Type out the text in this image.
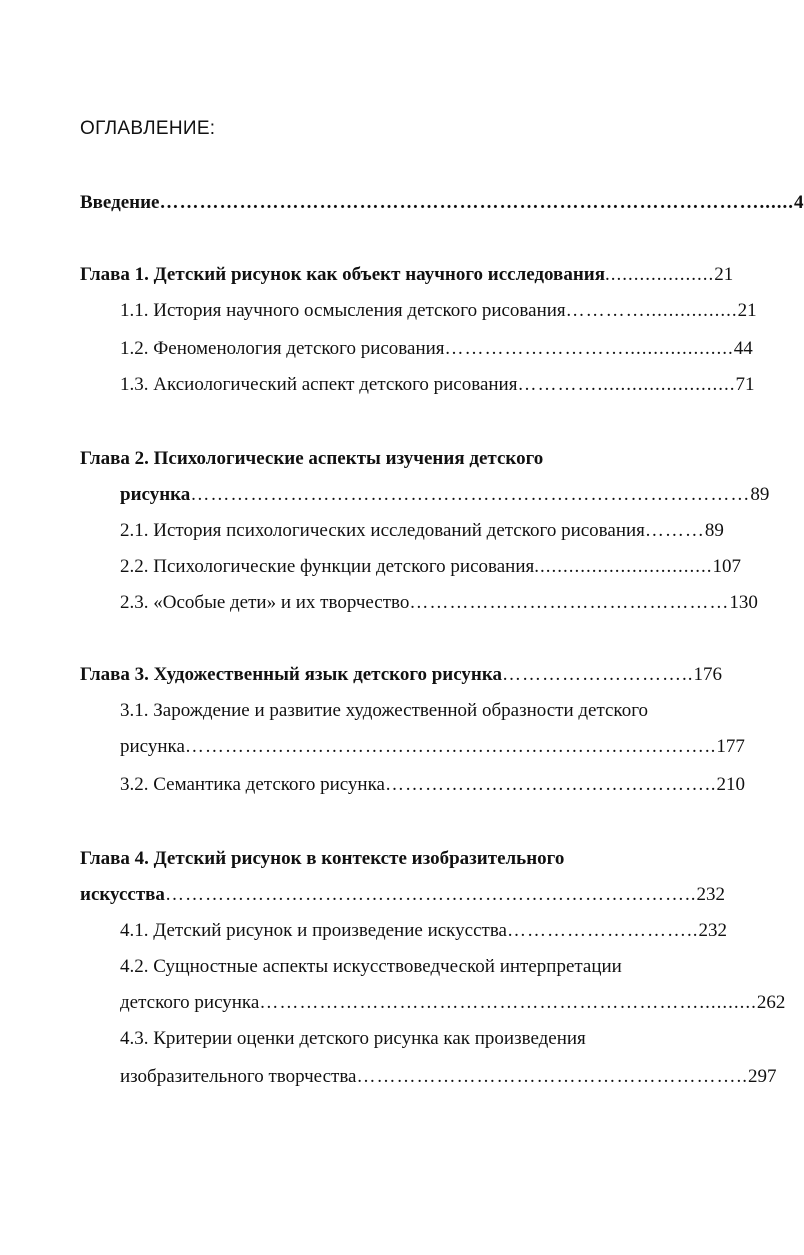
ОГЛАВЛЕНИЕ:
Введение………………………………………………………………………………......4
Глава 1. Детский рисунок как объект научного исследования...................21
1.1. История научного осмысления детского рисования…………................21
1.2. Феноменология детского рисования………………………...................44
1.3. Аксиологический аспект детского рисования…………........................71
Глава 2. Психологические аспекты изучения детского
рисунка…………………………………………………………………………89
2.1. История психологических исследований детского рисования………89
2.2. Психологические функции детского рисования...............................107
2.3. «Особые дети» и их творчество…………………………………………130
Глава 3. Художественный язык детского рисунка………………………..176
3.1. Зарождение и развитие художественной образности детского
рисунка……………………………………………………………………..177
3.2. Семантика детского рисунка…………………………………………..210
Глава 4. Детский рисунок в контексте изобразительного
искусства……………………………………………………………………..232
4.1. Детский рисунок и произведение искусства………………………..232
4.2. Сущностные аспекты искусствоведческой интерпретации
детского рисунка…………………………………………………………..........262
4.3. Критерии оценки детского рисунка как произведения
изобразительного творчества…………………………………………………..297
